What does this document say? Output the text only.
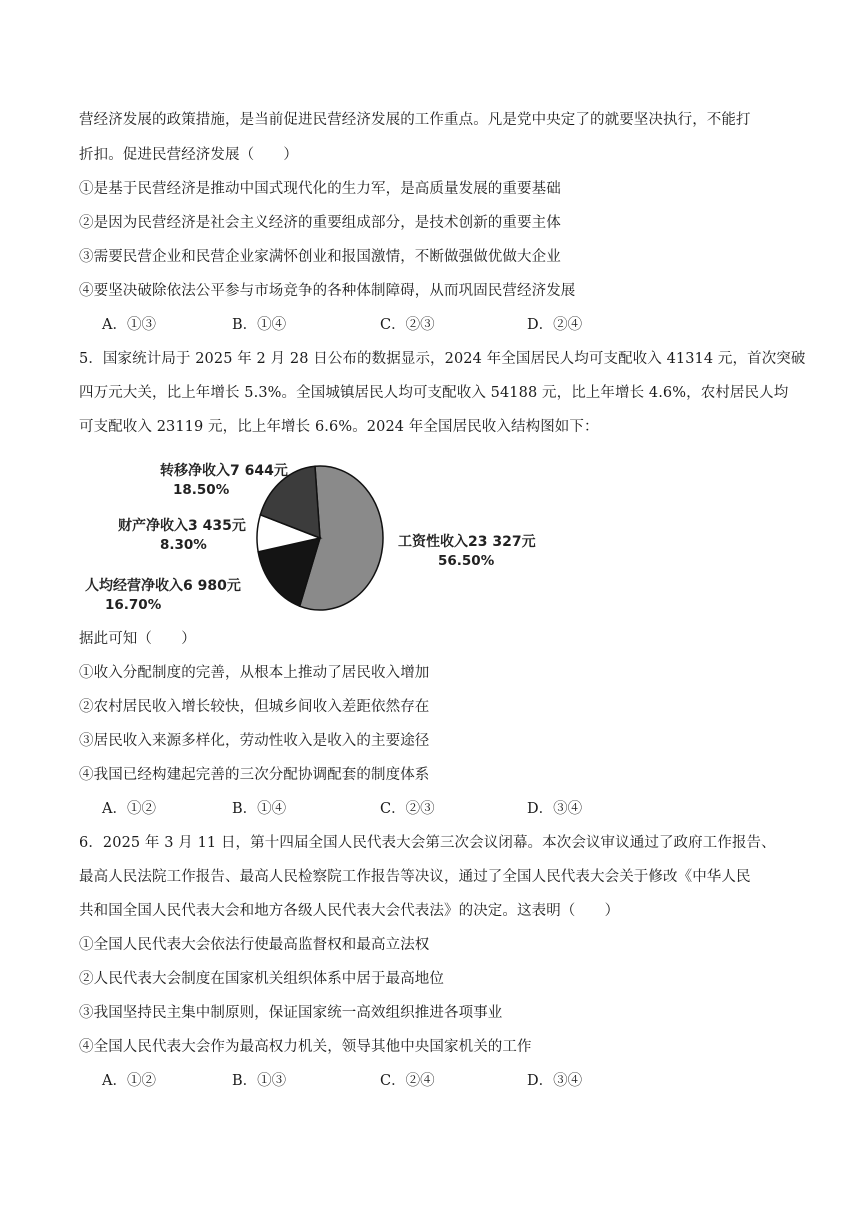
营经济发展的政策措施，是当前促进民营经济发展的工作重点。凡是党中央定了的就要坚决执行，不能打
折扣。促进民营经济发展（　　）
①是基于民营经济是推动中国式现代化的生力军，是高质量发展的重要基础
②是因为民营经济是社会主义经济的重要组成部分，是技术创新的重要主体
③需要民营企业和民营企业家满怀创业和报国激情，不断做强做优做大企业
④要坚决破除依法公平参与市场竞争的各种体制障碍，从而巩固民营经济发展
A．①③	B．①④	C．②③	D．②④
5．国家统计局于 2025 年 2 月 28 日公布的数据显示，2024 年全国居民人均可支配收入 41314 元，首次突破
四万元大关，比上年增长 5.3%。全国城镇居民人均可支配收入 54188 元，比上年增长 4.6%，农村居民人均
可支配收入 23119 元，比上年增长 6.6%。2024 年全国居民收入结构图如下：
转移净收入7 644元
18.50%
财产净收入3 435元
8.30%
人均经营净收入6 980元
16.70%
工资性收入23 327元
56.50%
据此可知（　　）
①收入分配制度的完善，从根本上推动了居民收入增加
②农村居民收入增长较快，但城乡间收入差距依然存在
③居民收入来源多样化，劳动性收入是收入的主要途径
④我国已经构建起完善的三次分配协调配套的制度体系
A．①②	B．①④	C．②③	D．③④
6．2025 年 3 月 11 日，第十四届全国人民代表大会第三次会议闭幕。本次会议审议通过了政府工作报告、
最高人民法院工作报告、最高人民检察院工作报告等决议，通过了全国人民代表大会关于修改《中华人民
共和国全国人民代表大会和地方各级人民代表大会代表法》的决定。这表明（　　）
①全国人民代表大会依法行使最高监督权和最高立法权
②人民代表大会制度在国家机关组织体系中居于最高地位
③我国坚持民主集中制原则，保证国家统一高效组织推进各项事业
④全国人民代表大会作为最高权力机关，领导其他中央国家机关的工作
A．①②	B．①③	C．②④	D．③④
